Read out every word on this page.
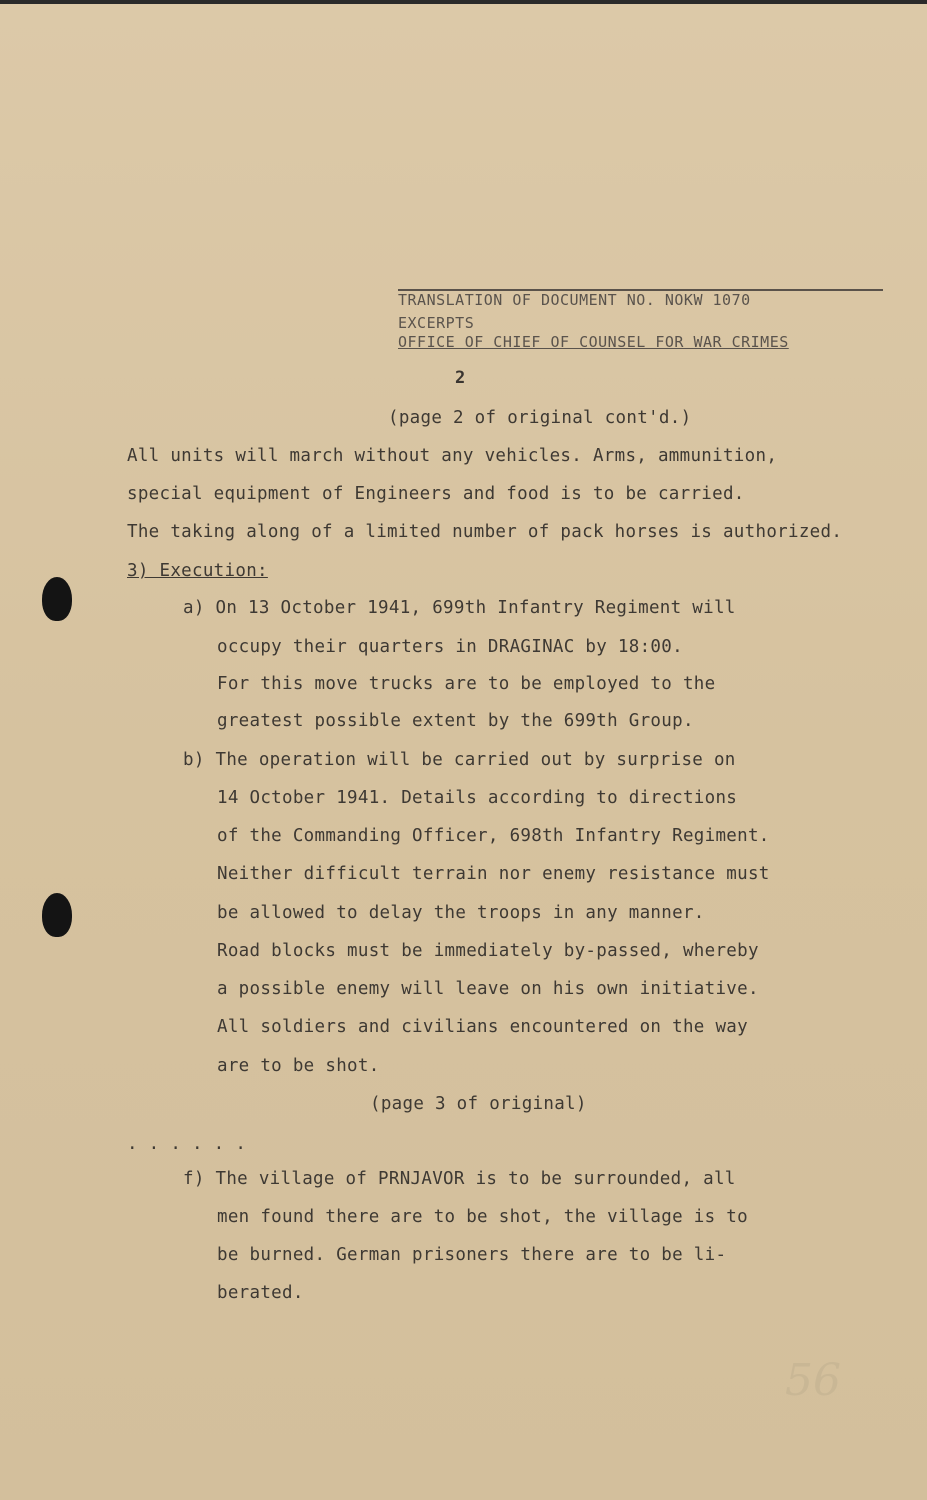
TRANSLATION OF DOCUMENT NO. NOKW 1070
EXCERPTS
OFFICE OF CHIEF OF COUNSEL FOR WAR CRIMES
2
(page 2 of original cont'd.)
All units will march without any vehicles. Arms, ammunition,
special equipment of Engineers and food is to be carried.
The taking along of a limited number of pack horses is authorized.
3) Execution:
a) On 13 October 1941, 699th Infantry Regiment will
occupy their quarters in DRAGINAC by 18:00.
For this move trucks are to be employed to the
greatest possible extent by the 699th Group.
b) The operation will be carried out by surprise on
14 October 1941. Details according to directions
of the Commanding Officer, 698th Infantry Regiment.
Neither difficult terrain nor enemy resistance must
be allowed to delay the troops in any manner.
Road blocks must be immediately by-passed, whereby
a possible enemy will leave on his own initiative.
All soldiers and civilians encountered on the way
are to be shot.
(page 3 of original)
. . . . . .
f) The village of PRNJAVOR is to be surrounded, all
men found there are to be shot, the village is to
be burned. German prisoners there are to be li-
berated.
56
